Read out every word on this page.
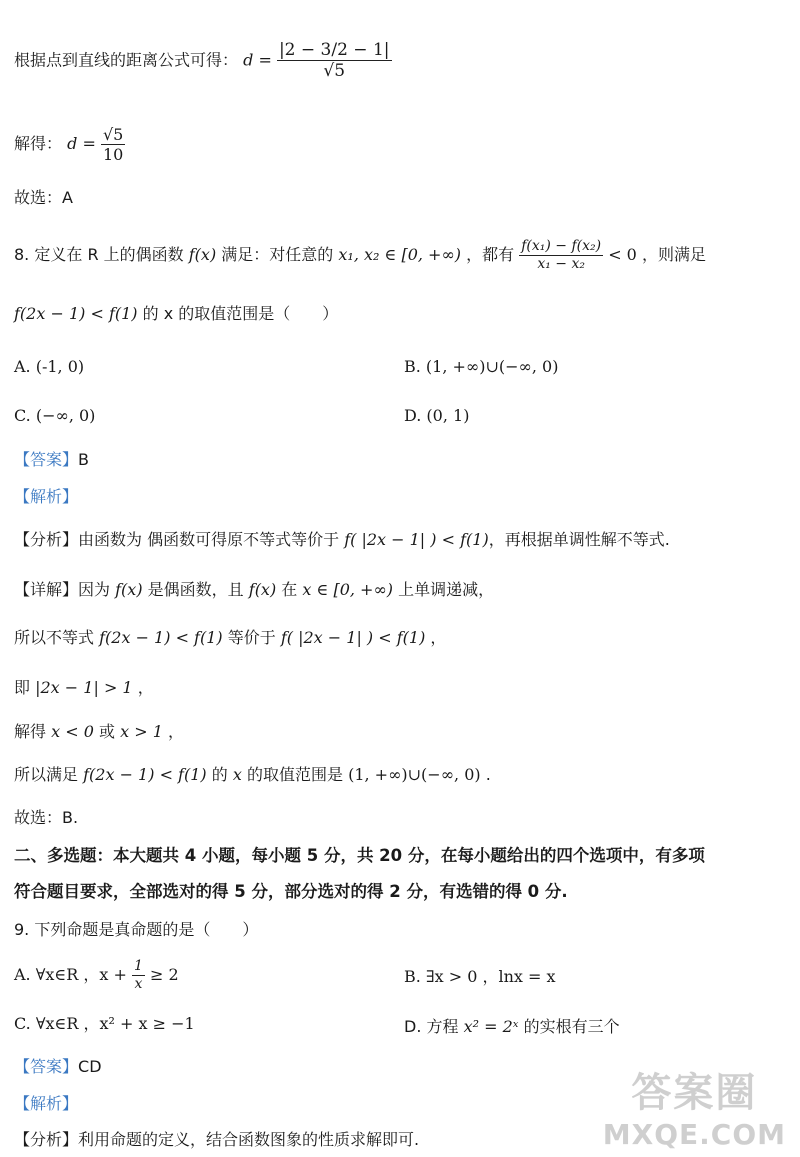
根据点到直线的距离公式可得： $d = \frac{|2 - 3/2 - 1|}{√5}$
解得： $d = \frac{√5}{10}$
故选：A
8. 定义在 R 上的偶函数 f(x) 满足：对任意的 x₁, x₂ ∈ [0, +∞) ，都有 $\frac{\text{f(x₁) − f(x₂)}}{\text{x₁ − x₂}} < 0$ ，则满足
f(2x − 1) < f(1) 的 x 的取值范围是（　　）
A. (-1, 0)	B. (1, +∞)∪(−∞, 0)
C. (−∞, 0)	D. (0, 1)
【答案】B
【解析】
【分析】由函数为 偶函数可得原不等式等价于 f( |2x − 1| ) < f(1)，再根据单调性解不等式.
【详解】因为 f(x) 是偶函数，且 f(x) 在 x ∈ [0, +∞) 上单调递减，
所以不等式 f(2x − 1) < f(1) 等价于 f( |2x − 1| ) < f(1) ，
即 |2x − 1| > 1 ，
解得 x < 0 或 x > 1 ，
所以满足 f(2x − 1) < f(1) 的 x 的取值范围是 (1, +∞)∪(−∞, 0) .
故选：B.
二、多选题：本大题共 4 小题，每小题 5 分，共 20 分，在每小题给出的四个选项中，有多项
符合题目要求，全部选对的得 5 分，部分选对的得 2 分，有选错的得 0 分.
9. 下列命题是真命题的是（　　）
A. ∀x∈R ，$x + \frac{1}{x} \ge 2$	B. ∃x > 0 ，lnx = x
C. ∀x∈R ，x² + x ≥ −1	D. 方程 x² = 2ˣ 的实根有三个
【答案】CD
【解析】
【分析】利用命题的定义，结合函数图象的性质求解即可.
答案圈
MXQE.COM
